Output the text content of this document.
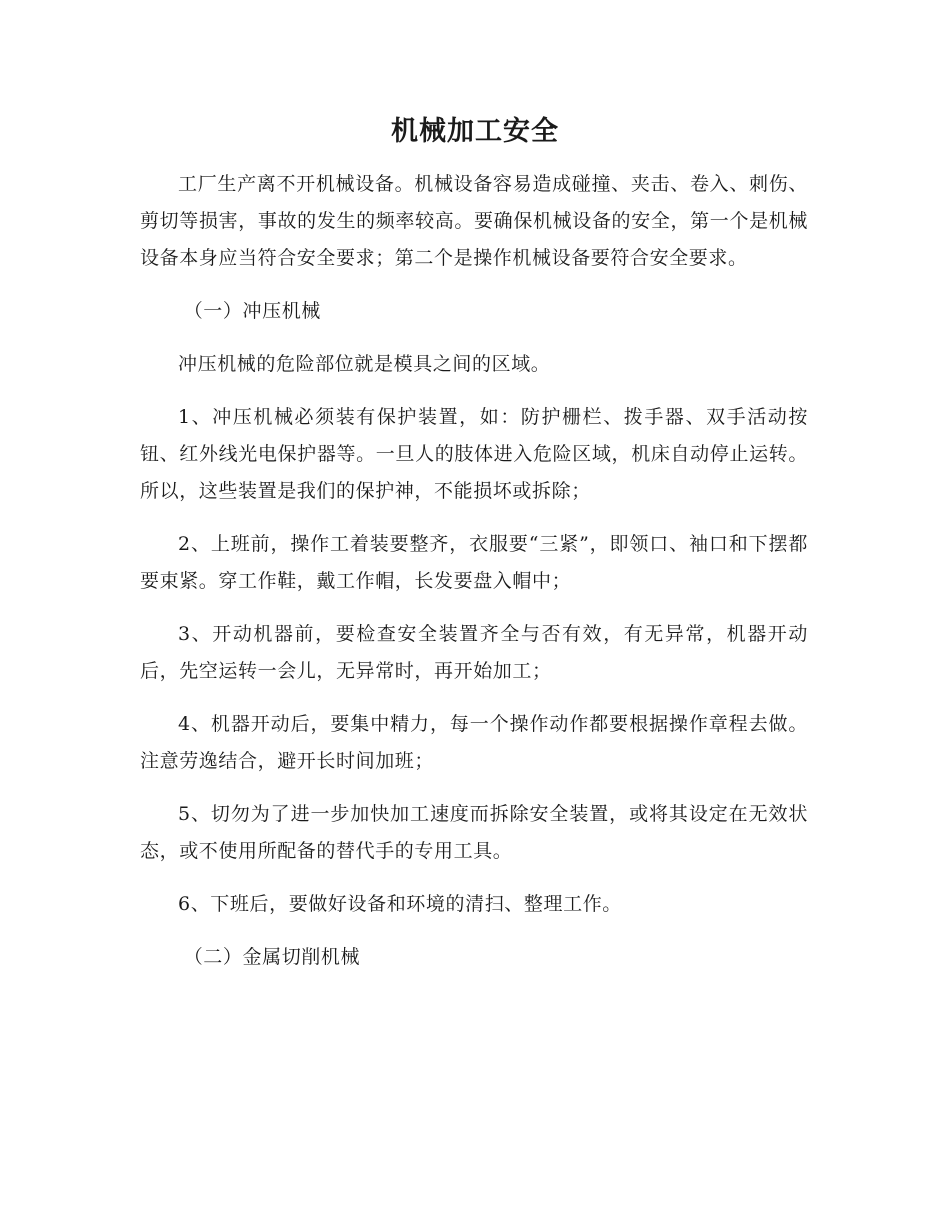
机械加工安全

工厂生产离不开机械设备。机械设备容易造成碰撞、夹击、卷入、刺伤、剪切等损害，事故的发生的频率较高。要确保机械设备的安全，第一个是机械设备本身应当符合安全要求；第二个是操作机械设备要符合安全要求。

（一）冲压机械

冲压机械的危险部位就是模具之间的区域。

1、冲压机械必须装有保护装置，如：防护栅栏、拨手器、双手活动按钮、红外线光电保护器等。一旦人的肢体进入危险区域，机床自动停止运转。所以，这些装置是我们的保护神，不能损坏或拆除；

2、上班前，操作工着装要整齐，衣服要“三紧”，即领口、袖口和下摆都要束紧。穿工作鞋，戴工作帽，长发要盘入帽中；

3、开动机器前，要检查安全装置齐全与否有效，有无异常，机器开动后，先空运转一会儿，无异常时，再开始加工；

4、机器开动后，要集中精力，每一个操作动作都要根据操作章程去做。注意劳逸结合，避开长时间加班；

5、切勿为了进一步加快加工速度而拆除安全装置，或将其设定在无效状态，或不使用所配备的替代手的专用工具。

6、下班后，要做好设备和环境的清扫、整理工作。

（二）金属切削机械
